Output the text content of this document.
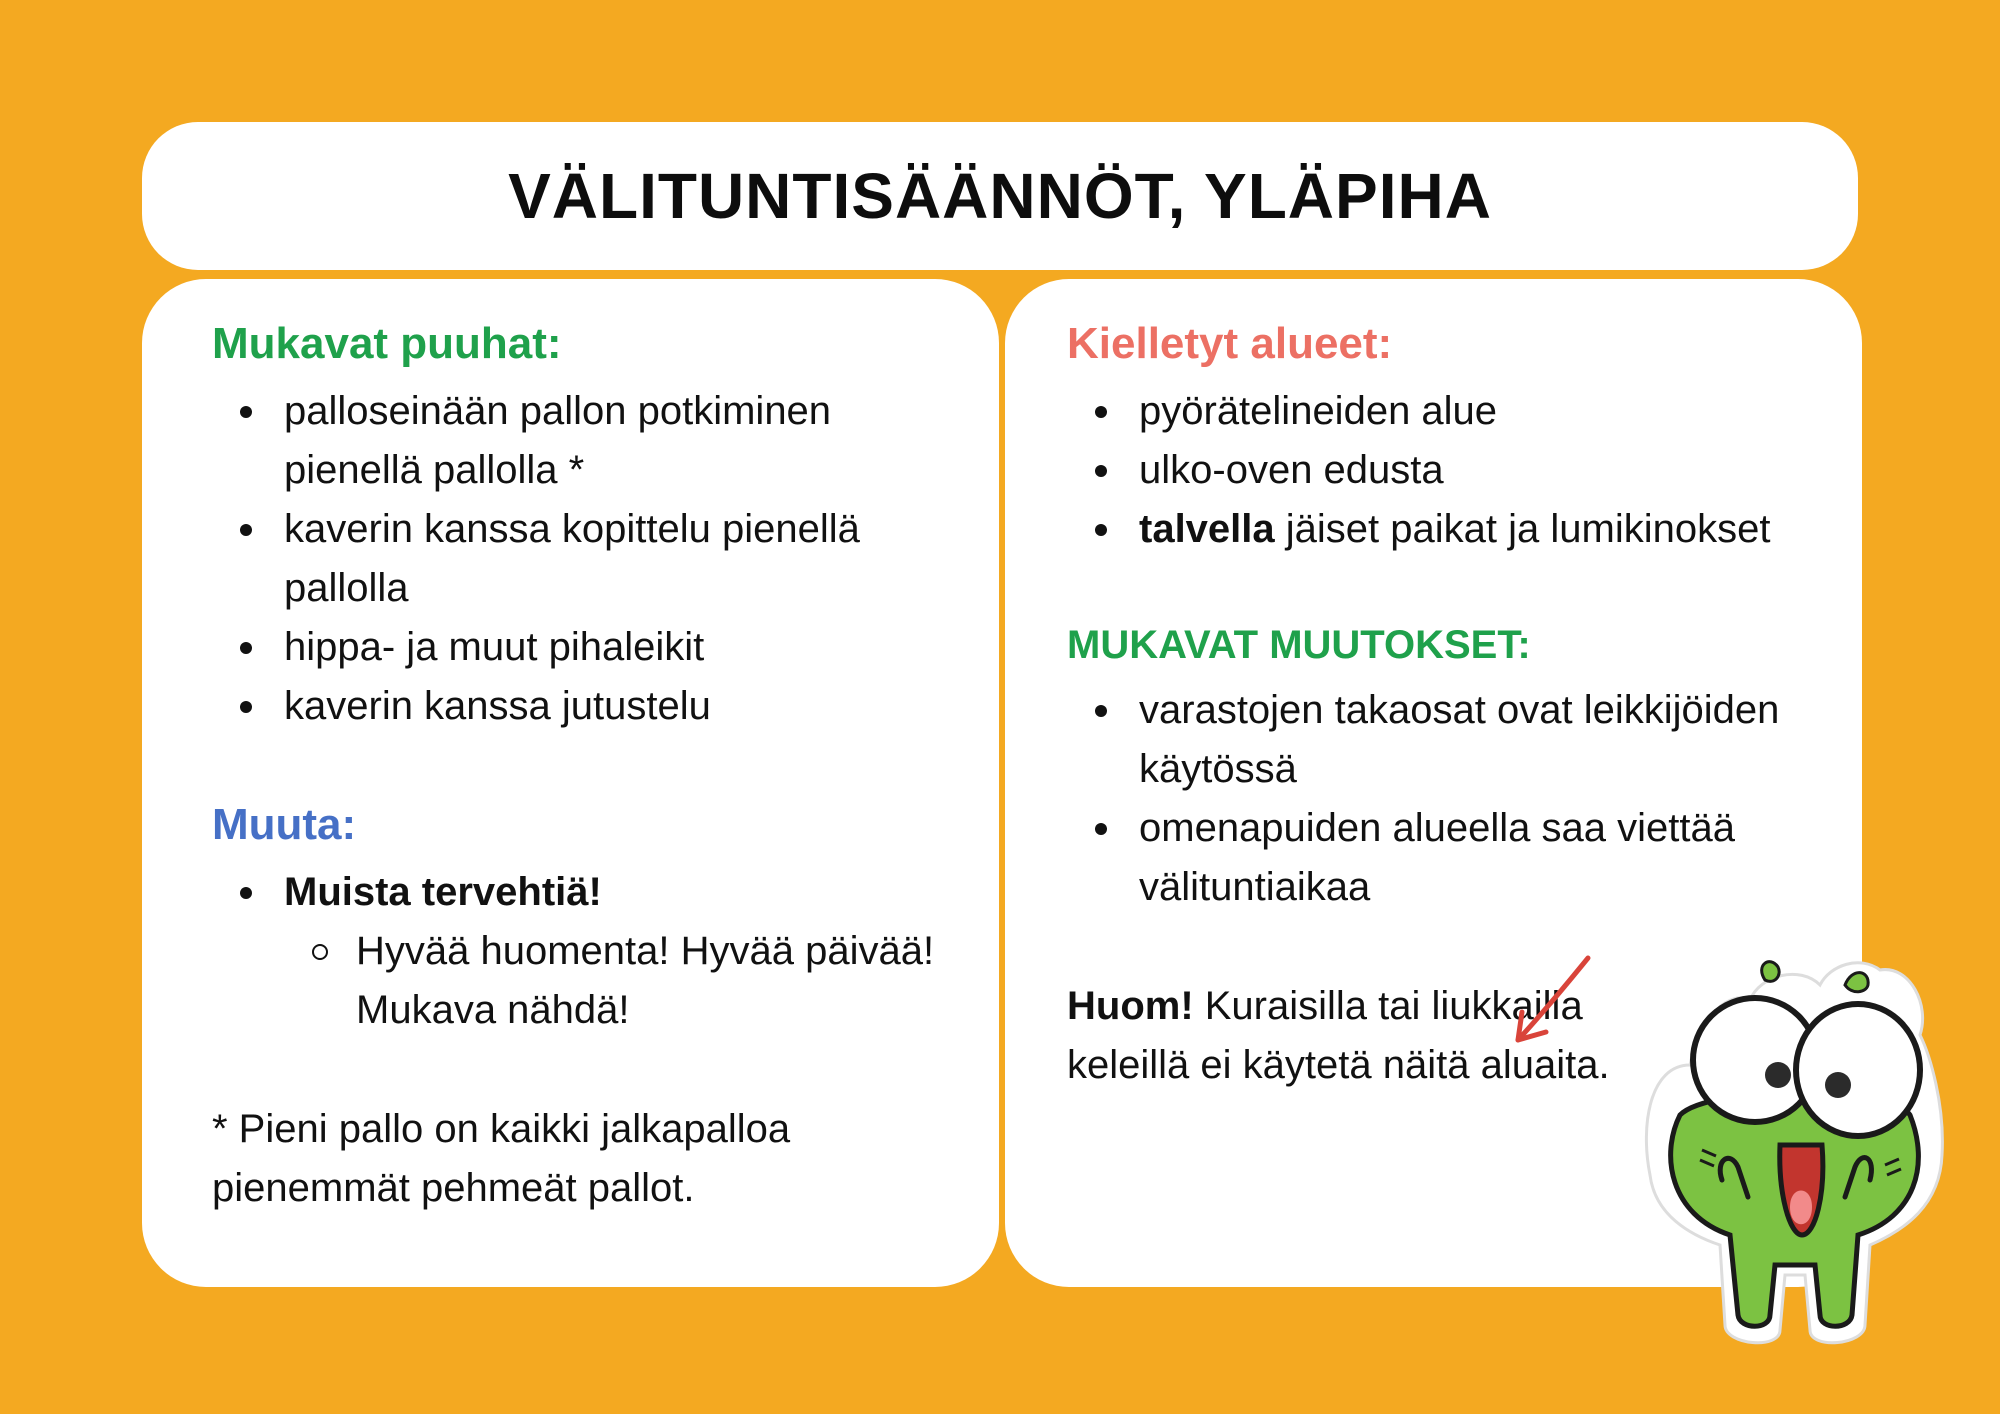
VÄLITUNTISÄÄNNÖT, YLÄPIHA

Mukavat puuhat:

palloseinään pallon potkiminen pienellä pallolla *
kaverin kanssa kopittelu pienellä pallolla
hippa- ja muut pihaleikit
kaverin kanssa jutustelu

Muuta:

Muista tervehtiä!
Hyvää huomenta! Hyvää päivää! Mukava nähdä!

* Pieni pallo on kaikki jalkapalloa pienemmät pehmeät pallot.

Kielletyt alueet:

pyörätelineiden alue
ulko-oven edusta
talvella jäiset paikat ja lumikinokset

MUKAVAT MUUTOKSET:

varastojen takaosat ovat leikkijöiden käytössä
omenapuiden alueella saa viettää välituntiaikaa

Huom! Kuraisilla tai liukkailla keleillä ei käytetä näitä aluaita.
